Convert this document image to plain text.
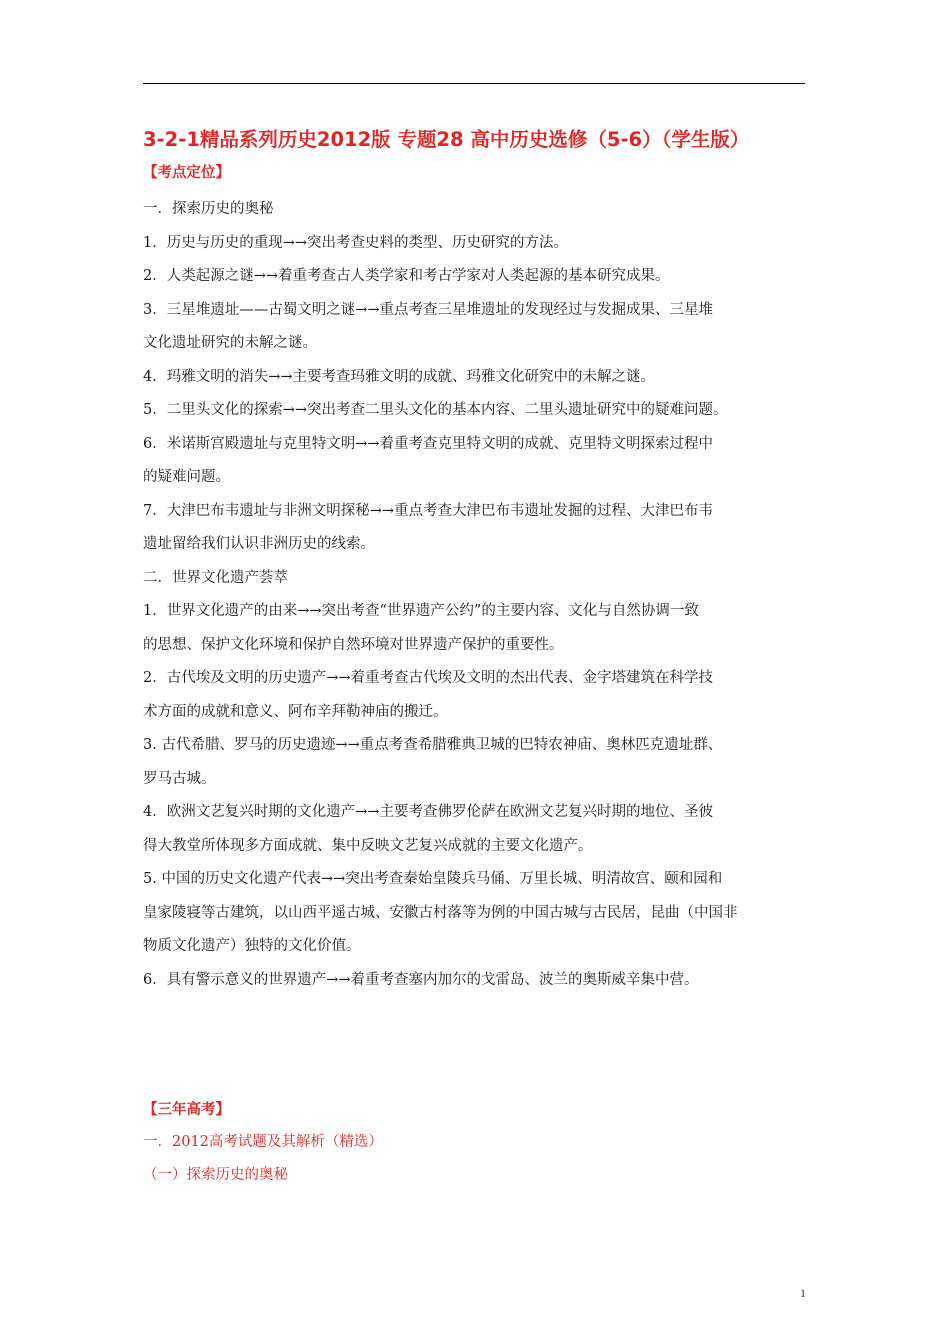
3-2-1精品系列历史2012版 专题28 高中历史选修（5-6）（学生版）
【考点定位】

一．探索历史的奥秘

1．历史与历史的重现→→突出考查史料的类型、历史研究的方法。

2．人类起源之谜→→着重考查古人类学家和考古学家对人类起源的基本研究成果。

3．三星堆遗址——古蜀文明之谜→→重点考查三星堆遗址的发现经过与发掘成果、三星堆

文化遗址研究的未解之谜。

4．玛雅文明的消失→→主要考查玛雅文明的成就、玛雅文化研究中的未解之谜。

5．二里头文化的探索→→突出考查二里头文化的基本内容、二里头遗址研究中的疑难问题。

6．米诺斯宫殿遗址与克里特文明→→着重考查克里特文明的成就、克里特文明探索过程中

的疑难问题。

7．大津巴布韦遗址与非洲文明探秘→→重点考查大津巴布韦遗址发掘的过程、大津巴布韦

遗址留给我们认识非洲历史的线索。

二．世界文化遗产荟萃

1．世界文化遗产的由来→→突出考查“世界遗产公约”的主要内容、文化与自然协调一致

的思想、保护文化环境和保护自然环境对世界遗产保护的重要性。

2．古代埃及文明的历史遗产→→着重考查古代埃及文明的杰出代表、金字塔建筑在科学技

术方面的成就和意义、阿布辛拜勒神庙的搬迁。

3. 古代希腊、罗马的历史遗迹→→重点考查希腊雅典卫城的巴特农神庙、奥林匹克遗址群、

罗马古城。

4．欧洲文艺复兴时期的文化遗产→→主要考查佛罗伦萨在欧洲文艺复兴时期的地位、圣彼

得大教堂所体现多方面成就、集中反映文艺复兴成就的主要文化遗产。

5. 中国的历史文化遗产代表→→突出考查秦始皇陵兵马俑、万里长城、明清故宫、颐和园和

皇家陵寝等古建筑，以山西平遥古城、安徽古村落等为例的中国古城与古民居，昆曲（中国非

物质文化遗产）独特的文化价值。

6．具有警示意义的世界遗产→→着重考查塞内加尔的戈雷岛、波兰的奥斯威辛集中营。

【三年高考】
一．2012高考试题及其解析（精选）
（一）探索历史的奥秘
1
